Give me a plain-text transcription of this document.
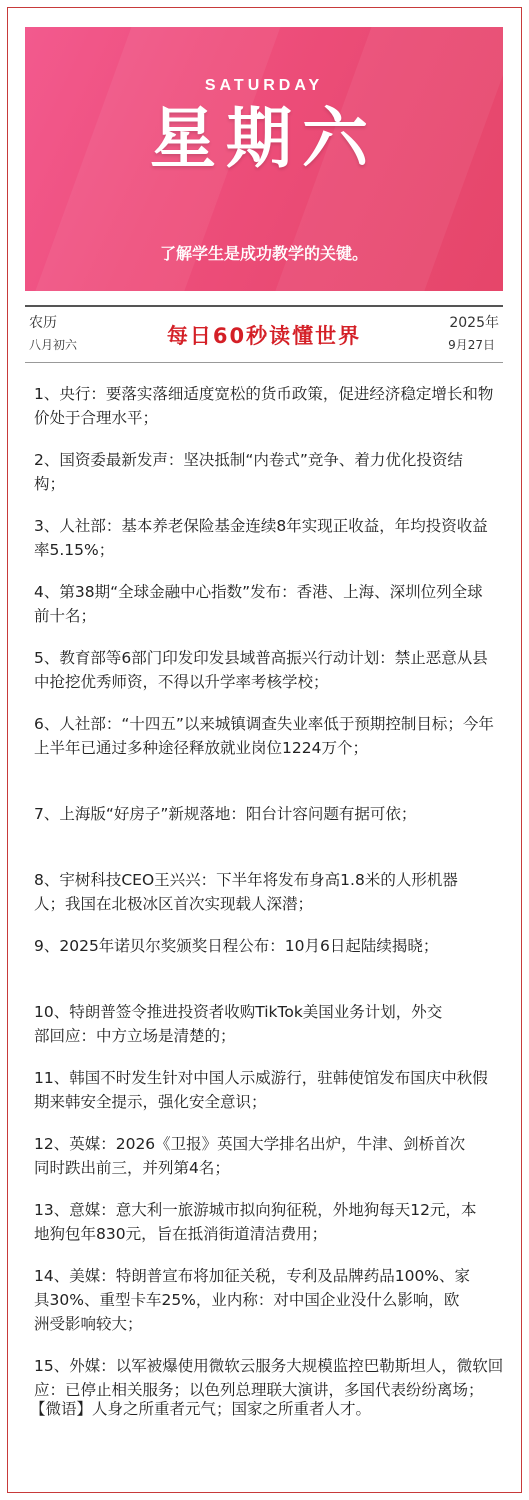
SATURDAY
星期六
了解学生是成功教学的关键。
农历
八月初六	每日60秒读懂世界
2025年
9月27日
1、央行：要落实落细适度宽松的货币政策，促进经济稳定增长和物价处于合理水平；
2、国资委最新发声：坚决抵制“内卷式”竞争、着力优化投资结构；
3、人社部：基本养老保险基金连续8年实现正收益，年均投资收益率5.15%；
4、第38期“全球金融中心指数”发布：香港、上海、深圳位列全球前十名；
5、教育部等6部门印发印发县域普高振兴行动计划：禁止恶意从县中抢挖优秀师资，不得以升学率考核学校；
6、人社部：“十四五”以来城镇调查失业率低于预期控制目标；今年上半年已通过多种途径释放就业岗位1224万个；
7、上海版“好房子”新规落地：阳台计容问题有据可依；
8、宇树科技CEO王兴兴：下半年将发布身高1.8米的人形机器人；我国在北极冰区首次实现载人深潜；
9、2025年诺贝尔奖颁奖日程公布：10月6日起陆续揭晓；
10、特朗普签令推进投资者收购TikTok美国业务计划，外交部回应：中方立场是清楚的；
11、韩国不时发生针对中国人示威游行，驻韩使馆发布国庆中秋假期来韩安全提示，强化安全意识；
12、英媒：2026《卫报》英国大学排名出炉，牛津、剑桥首次同时跌出前三，并列第4名；
13、意媒：意大利一旅游城市拟向狗征税，外地狗每天12元，本地狗包年830元，旨在抵消街道清洁费用；
14、美媒：特朗普宣布将加征关税，专利及品牌药品100%、家具30%、重型卡车25%，业内称：对中国企业没什么影响，欧洲受影响较大；
15、外媒：以军被爆使用微软云服务大规模监控巴勒斯坦人，微软回应：已停止相关服务；以色列总理联大演讲，多国代表纷纷离场；
【微语】人身之所重者元气；国家之所重者人才。
